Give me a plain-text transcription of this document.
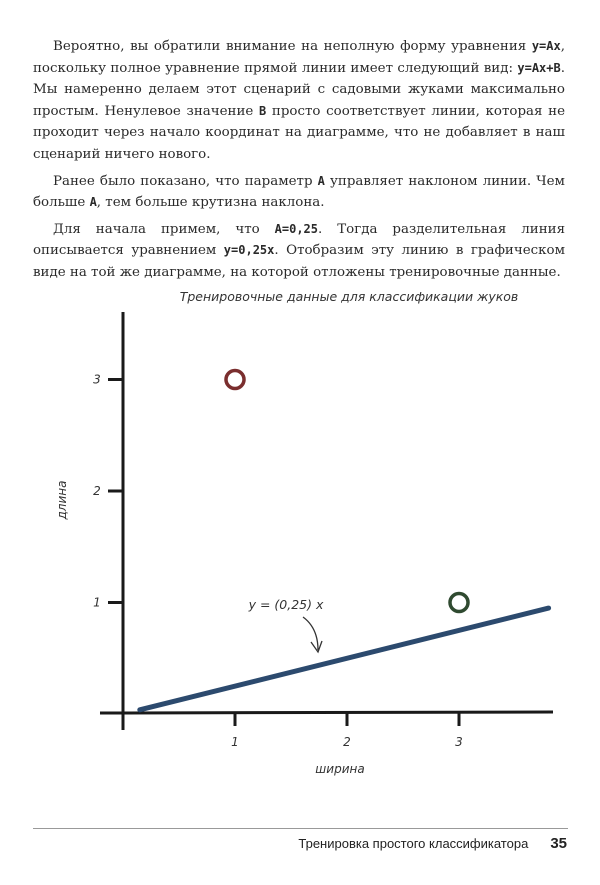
Вероятно, вы обратили внимание на неполную форму уравнения y=Ax, поскольку полное уравнение прямой линии имеет следующий вид: y=Ax+B. Мы намеренно делаем этот сценарий с садовыми жуками максимально простым. Ненулевое значение B просто соответствует линии, которая не проходит через начало координат на диаграмме, что не добавляет в наш сценарий ничего нового.

Ранее было показано, что параметр A управляет наклоном линии. Чем больше A, тем больше крутизна наклона.

Для начала примем, что A=0,25. Тогда разделительная линия описывается уравнением y=0,25x. Отобразим эту линию в графическом виде на той же диаграмме, на которой отложены тренировочные данные.

Тренировочные данные для классификации жуков
ширина
длина
1	2	3
1
2
3
y = (0,25) x
Тренировка простого классификатора 35
